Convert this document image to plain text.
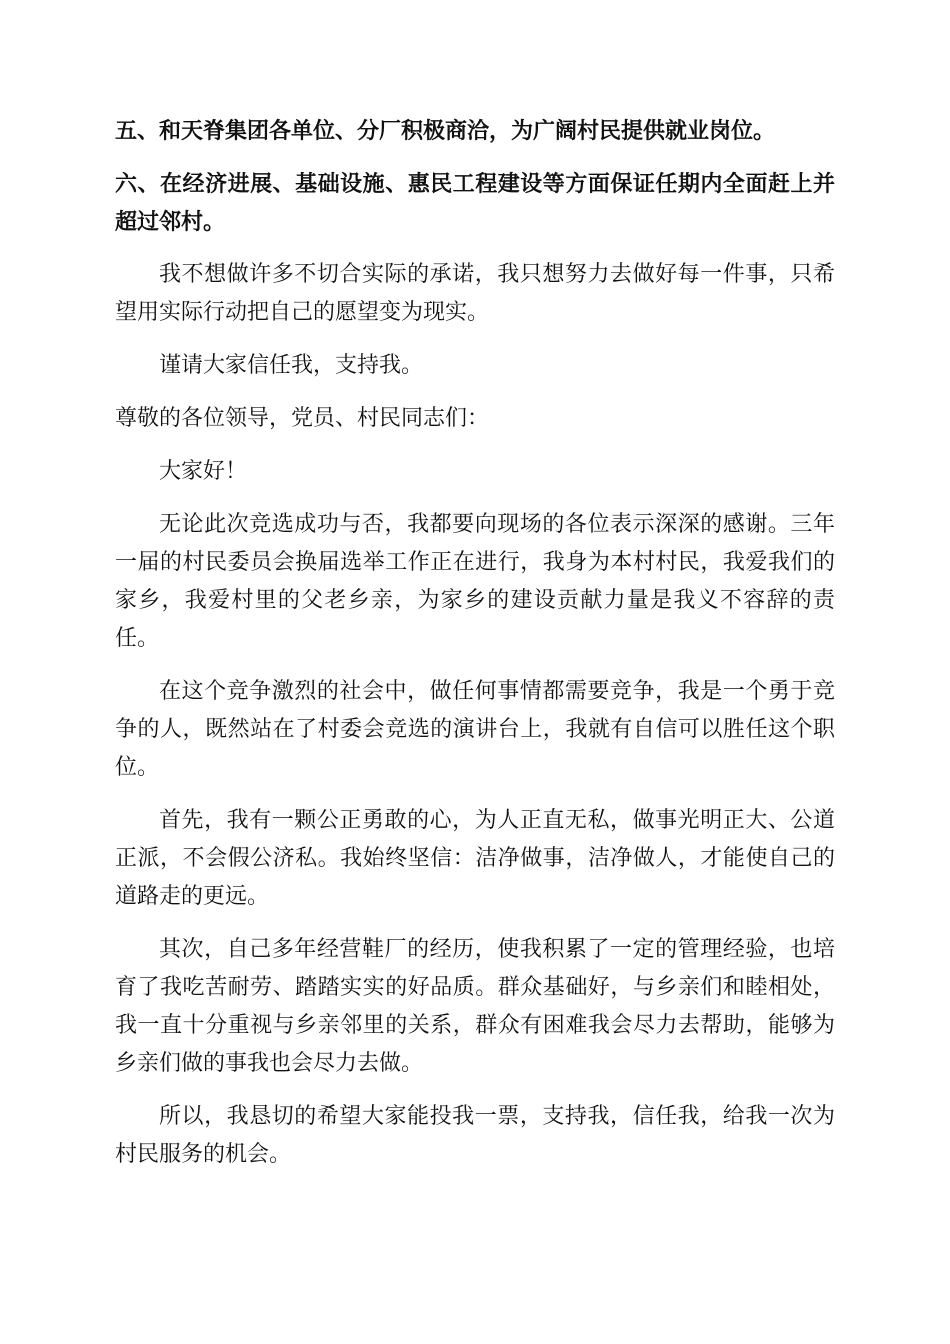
五、和天脊集团各单位、分厂积极商洽，为广阔村民提供就业岗位。

六、在经济进展、基础设施、惠民工程建设等方面保证任期内全面赶上并超过邻村。

我不想做许多不切合实际的承诺，我只想努力去做好每一件事，只希望用实际行动把自己的愿望变为现实。

谨请大家信任我，支持我。

尊敬的各位领导，党员、村民同志们：

大家好！

无论此次竞选成功与否，我都要向现场的各位表示深深的感谢。三年一届的村民委员会换届选举工作正在进行，我身为本村村民，我爱我们的家乡，我爱村里的父老乡亲，为家乡的建设贡献力量是我义不容辞的责任。

在这个竞争激烈的社会中，做任何事情都需要竞争，我是一个勇于竞争的人，既然站在了村委会竞选的演讲台上，我就有自信可以胜任这个职位。

首先，我有一颗公正勇敢的心，为人正直无私，做事光明正大、公道正派，不会假公济私。我始终坚信：洁净做事，洁净做人，才能使自己的道路走的更远。

其次，自己多年经营鞋厂的经历，使我积累了一定的管理经验，也培育了我吃苦耐劳、踏踏实实的好品质。群众基础好，与乡亲们和睦相处，我一直十分重视与乡亲邻里的关系，群众有困难我会尽力去帮助，能够为乡亲们做的事我也会尽力去做。

所以，我恳切的希望大家能投我一票，支持我，信任我，给我一次为村民服务的机会。
